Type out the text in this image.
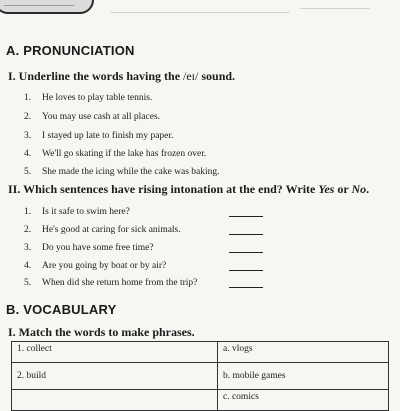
A. PRONUNCIATION
I. Underline the words having the /eɪ/ sound.
1. He loves to play table tennis.
2. You may use cash at all places.
3. I stayed up late to finish my paper.
4. We'll go skating if the lake has frozen over.
5. She made the icing while the cake was baking.
II. Which sentences have rising intonation at the end? Write Yes or No.
1. Is it safe to swim here?
2. He's good at caring for sick animals.
3. Do you have some free time?
4. Are you going by boat or by air?
5. When did she return home from the trip?
B. VOCABULARY
I. Match the words to make phrases.
1. collect	a. vlogs
2. build	b. mobile games
	c. comics
